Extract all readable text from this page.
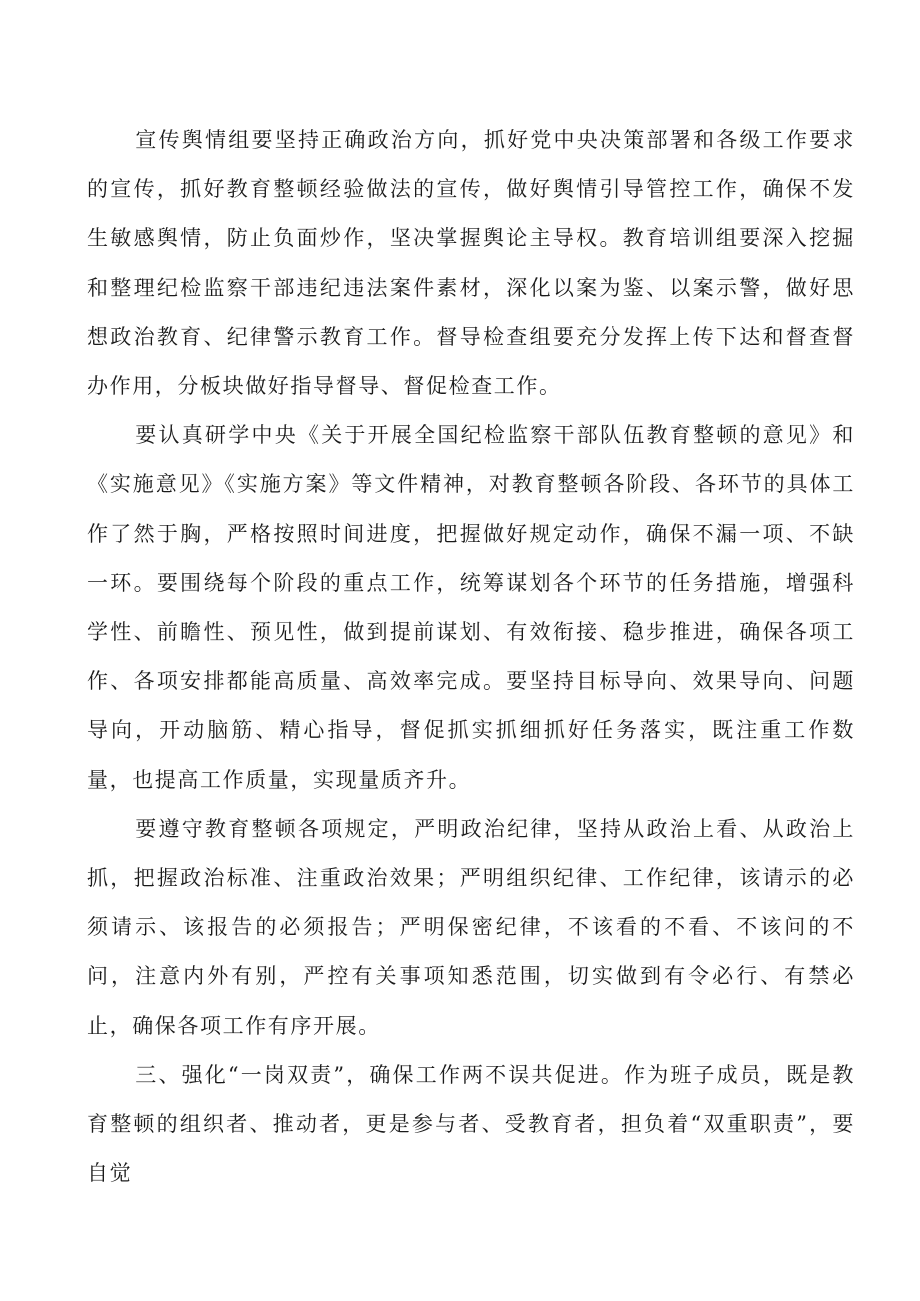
宣传舆情组要坚持正确政治方向，抓好党中央决策部署和各级工作要求的宣传，抓好教育整顿经验做法的宣传，做好舆情引导管控工作，确保不发生敏感舆情，防止负面炒作，坚决掌握舆论主导权。教育培训组要深入挖掘和整理纪检监察干部违纪违法案件素材，深化以案为鉴、以案示警，做好思想政治教育、纪律警示教育工作。督导检查组要充分发挥上传下达和督查督办作用，分板块做好指导督导、督促检查工作。

要认真研学中央《关于开展全国纪检监察干部队伍教育整顿的意见》和《实施意见》《实施方案》等文件精神，对教育整顿各阶段、各环节的具体工作了然于胸，严格按照时间进度，把握做好规定动作，确保不漏一项、不缺一环。要围绕每个阶段的重点工作，统筹谋划各个环节的任务措施，增强科学性、前瞻性、预见性，做到提前谋划、有效衔接、稳步推进，确保各项工作、各项安排都能高质量、高效率完成。要坚持目标导向、效果导向、问题导向，开动脑筋、精心指导，督促抓实抓细抓好任务落实，既注重工作数量，也提高工作质量，实现量质齐升。

要遵守教育整顿各项规定，严明政治纪律，坚持从政治上看、从政治上抓，把握政治标准、注重政治效果；严明组织纪律、工作纪律，该请示的必须请示、该报告的必须报告；严明保密纪律，不该看的不看、不该问的不问，注意内外有别，严控有关事项知悉范围，切实做到有令必行、有禁必止，确保各项工作有序开展。

三、强化“一岗双责”，确保工作两不误共促进。作为班子成员，既是教育整顿的组织者、推动者，更是参与者、受教育者，担负着“双重职责”，要自觉
